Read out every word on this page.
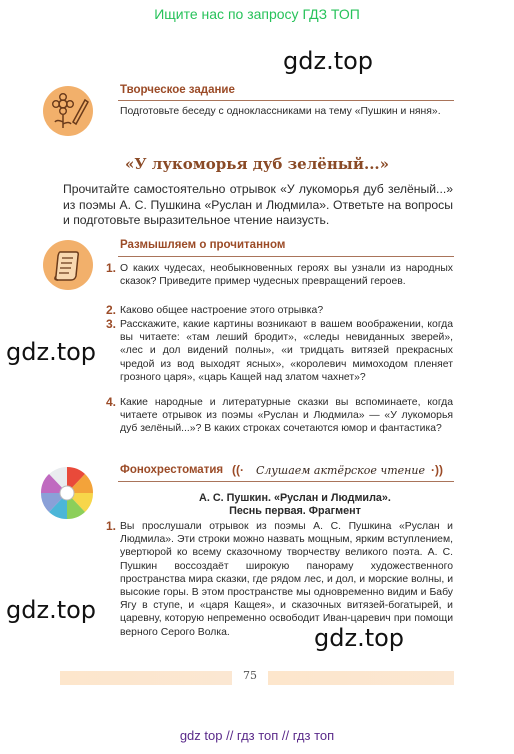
Ищите нас по запросу ГДЗ ТОП
gdz.top
gdz.top
gdz.top
gdz.top
Творческое задание
Подготовьте беседу с одноклассниками на тему «Пушкин и няня».
«У лукоморья дуб зелёный...»
Прочитайте самостоятельно отрывок «У лукоморья дуб зелёный...» из поэмы А. С. Пушкина «Руслан и Людмила». Ответьте на вопросы и подготовьте выразительное чтение наизусть.
Размышляем о прочитанном
1. О каких чудесах, необыкновенных героях вы узнали из народных сказок? Приведите пример чудесных превращений героев.
2. Каково общее настроение этого отрывка?
3. Расскажите, какие картины возникают в вашем воображении, когда вы читаете: «там леший бродит», «следы невиданных зверей», «лес и дол видений полны», «и тридцать витязей прекрасных чредой из вод выходят ясных», «королевич мимоходом пленяет грозного царя», «царь Кащей над златом чахнет»?
4. Какие народные и литературные сказки вы вспоминаете, когда читаете отрывок из поэмы «Руслан и Людмила» — «У лукоморья дуб зелёный...»? В каких строках сочетаются юмор и фантастика?
Фонохрестоматия ((· Слушаем актёрское чтение ·))
А. С. Пушкин. «Руслан и Людмила». Песнь первая. Фрагмент
1. Вы прослушали отрывок из поэмы А. С. Пушкина «Руслан и Людмила». Эти строки можно назвать мощным, ярким вступлением, увертюрой ко всему сказочному творчеству великого поэта. А. С. Пушкин воссоздаёт широкую панораму художественного пространства мира сказки, где рядом лес, и дол, и морские волны, и высокие горы. В этом пространстве мы одновременно видим и Бабу Ягу в ступе, и «царя Кащея», и сказочных витязей-богатырей, и царевну, которую непременно освободит Иван-царевич при помощи верного Серого Волка.
75
gdz top // гдз топ // гдз топ
